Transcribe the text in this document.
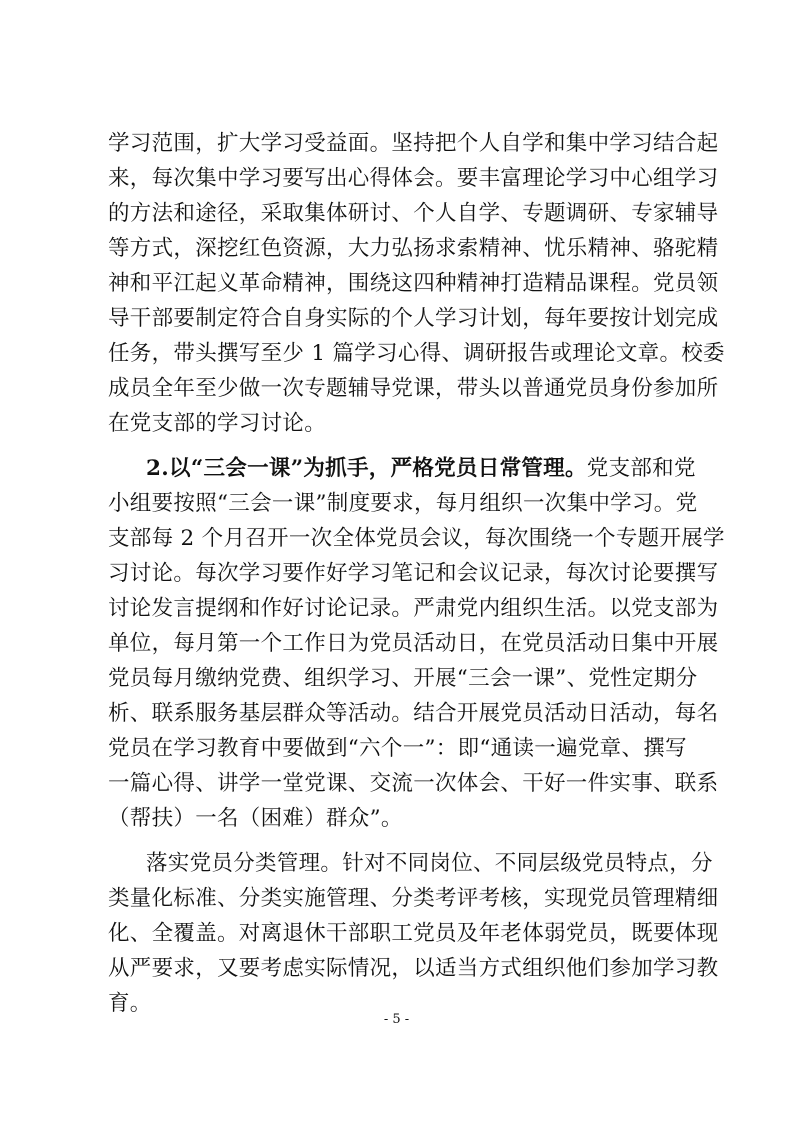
学习范围，扩大学习受益面。坚持把个人自学和集中学习结合起
来，每次集中学习要写出心得体会。要丰富理论学习中心组学习
的方法和途径，采取集体研讨、个人自学、专题调研、专家辅导
等方式，深挖红色资源，大力弘扬求索精神、忧乐精神、骆驼精
神和平江起义革命精神，围绕这四种精神打造精品课程。党员领
导干部要制定符合自身实际的个人学习计划，每年要按计划完成
任务，带头撰写至少 1 篇学习心得、调研报告或理论文章。校委
成员全年至少做一次专题辅导党课，带头以普通党员身份参加所
在党支部的学习讨论。
2.以“三会一课”为抓手，严格党员日常管理。党支部和党
小组要按照“三会一课”制度要求，每月组织一次集中学习。党
支部每 2 个月召开一次全体党员会议，每次围绕一个专题开展学
习讨论。每次学习要作好学习笔记和会议记录，每次讨论要撰写
讨论发言提纲和作好讨论记录。严肃党内组织生活。以党支部为
单位，每月第一个工作日为党员活动日，在党员活动日集中开展
党员每月缴纳党费、组织学习、开展“三会一课”、党性定期分
析、联系服务基层群众等活动。结合开展党员活动日活动，每名
党员在学习教育中要做到“六个一”：即“通读一遍党章、撰写
一篇心得、讲学一堂党课、交流一次体会、干好一件实事、联系
（帮扶）一名（困难）群众”。
落实党员分类管理。针对不同岗位、不同层级党员特点，分
类量化标准、分类实施管理、分类考评考核，实现党员管理精细
化、全覆盖。对离退休干部职工党员及年老体弱党员，既要体现
从严要求，又要考虑实际情况，以适当方式组织他们参加学习教
育。
- 5 -
